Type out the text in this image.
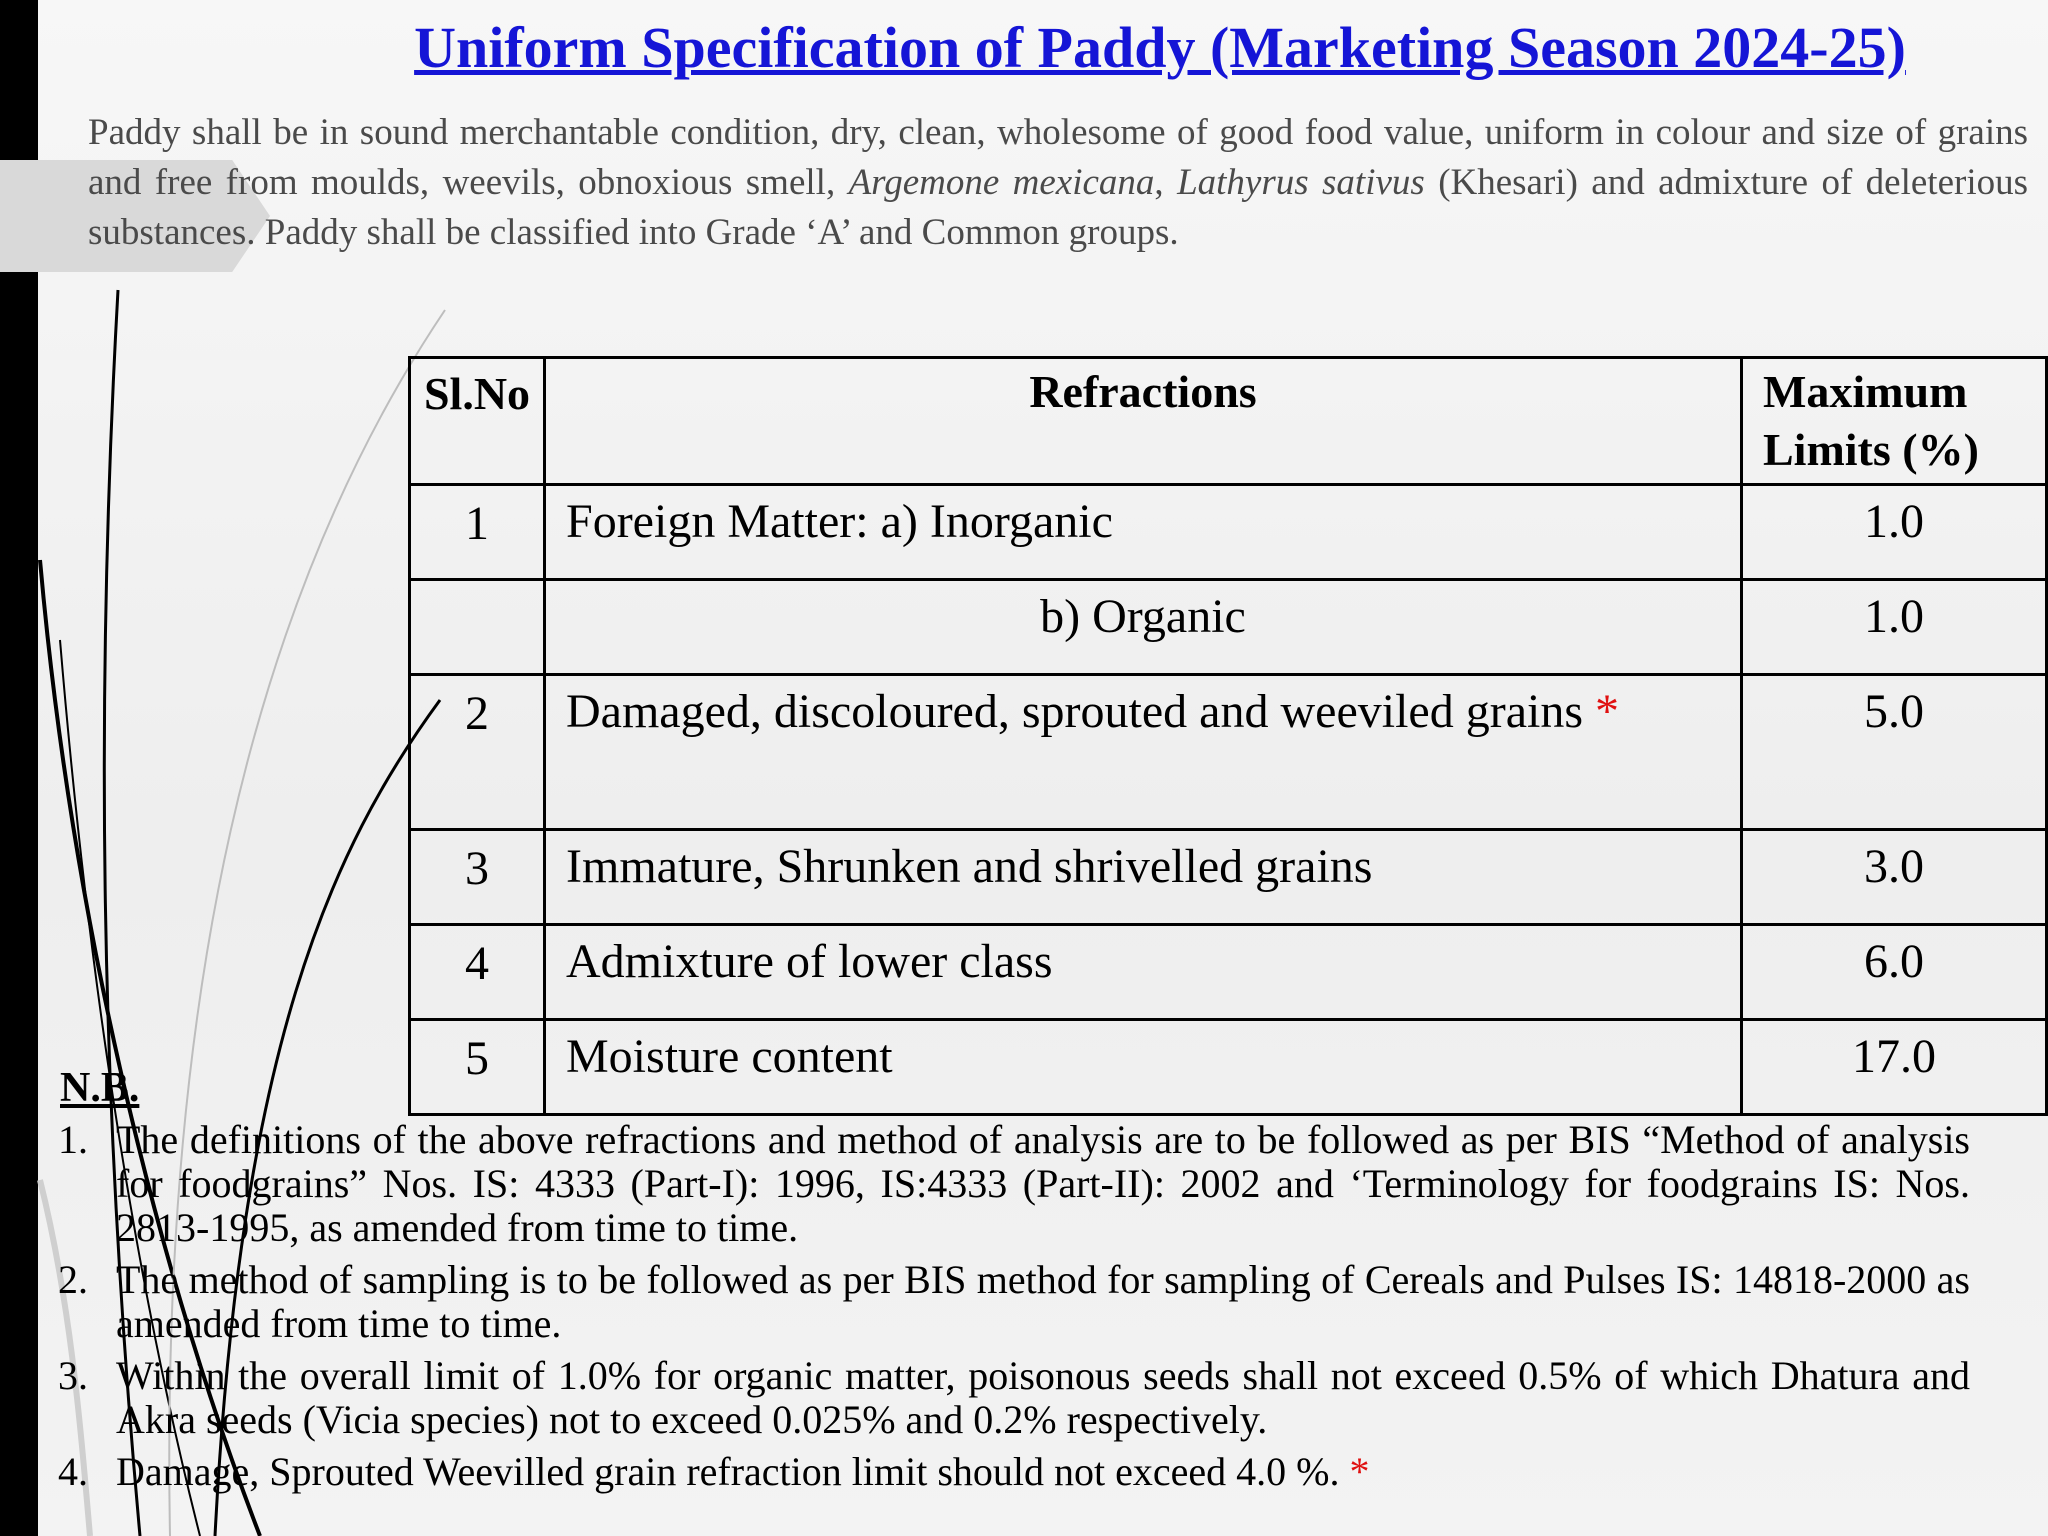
Uniform Specification of Paddy (Marketing Season 2024-25)

Paddy shall be in sound merchantable condition, dry, clean, wholesome of good food value, uniform in colour and size of grains and free from moulds, weevils, obnoxious smell, Argemone mexicana, Lathyrus sativus (Khesari) and admixture of deleterious substances. Paddy shall be classified into Grade ‘A’ and Common groups.

Sl.No	Refractions	Maximum Limits (%)
1	Foreign Matter: a) Inorganic	1.0
	b) Organic	1.0
2	Damaged, discoloured, sprouted and weeviled grains *	5.0
3	Immature, Shrunken and shrivelled grains	3.0
4	Admixture of lower class	6.0
5	Moisture content	17.0
N.B.
1. The definitions of the above refractions and method of analysis are to be followed as per BIS “Method of analysis for foodgrains” Nos. IS: 4333 (Part-I): 1996, IS:4333 (Part-II): 2002 and ‘Terminology for foodgrains IS: Nos. 2813-1995, as amended from time to time.
2. The method of sampling is to be followed as per BIS method for sampling of Cereals and Pulses IS: 14818-2000 as amended from time to time.
3. Within the overall limit of 1.0% for organic matter, poisonous seeds shall not exceed 0.5% of which Dhatura and Akra seeds (Vicia species) not to exceed 0.025% and 0.2% respectively.
4. Damage, Sprouted Weevilled grain refraction limit should not exceed 4.0 %. *
